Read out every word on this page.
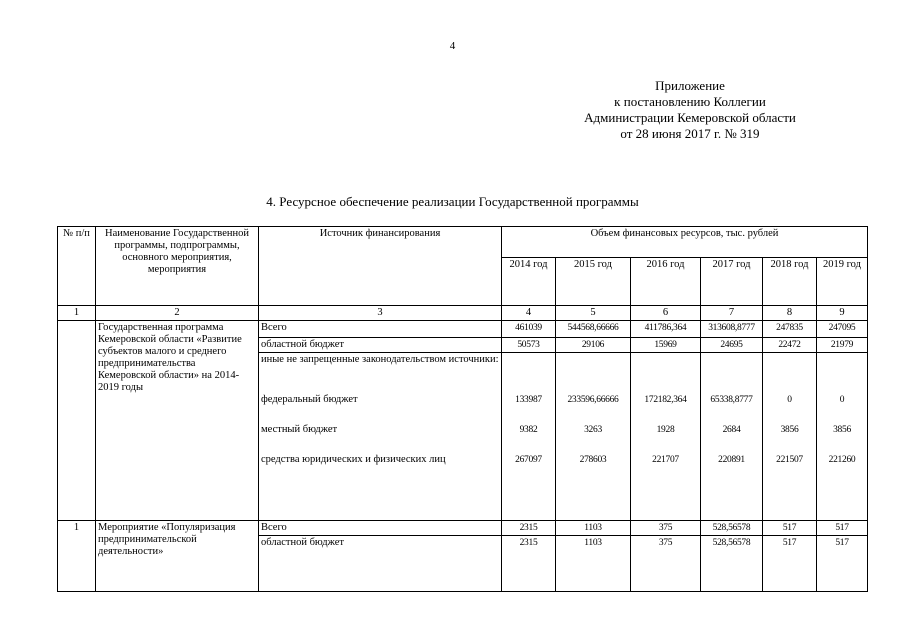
4
Приложение
к постановлению Коллегии
Администрации Кемеровской области
от 28 июня 2017 г. № 319
4. Ресурсное обеспечение реализации Государственной программы
№ п/п	Наименование Государственной программы, подпрограммы, основного мероприятия, мероприятия	Источник финансирования	Объем финансовых ресурсов, тыс. рублей					
			2014 год	2015 год	2016 год	2017 год	2018 год	2019 год
1	2	3	4	5	6	7	8	9
	Государственная программа Кемеровской области «Развитие субъектов малого и среднего предпринимательства Кемеровской области» на 2014-2019 годы	Всего	461039	544568,66666	411786,364	313608,8777	247835	247095
		областной бюджет	50573	29106	15969	24695	22472	21979
		иные не запрещенные законодательством источники:						
		федеральный бюджет	133987	233596,66666	172182,364	65338,8777	0	0
		местный бюджет	9382	3263	1928	2684	3856	3856
		средства юридических и физических лиц	267097	278603	221707	220891	221507	221260
1	Мероприятие «Популяризация предпринимательской деятельности»	Всего	2315	1103	375	528,56578	517	517
		областной бюджет	2315	1103	375	528,56578	517	517
